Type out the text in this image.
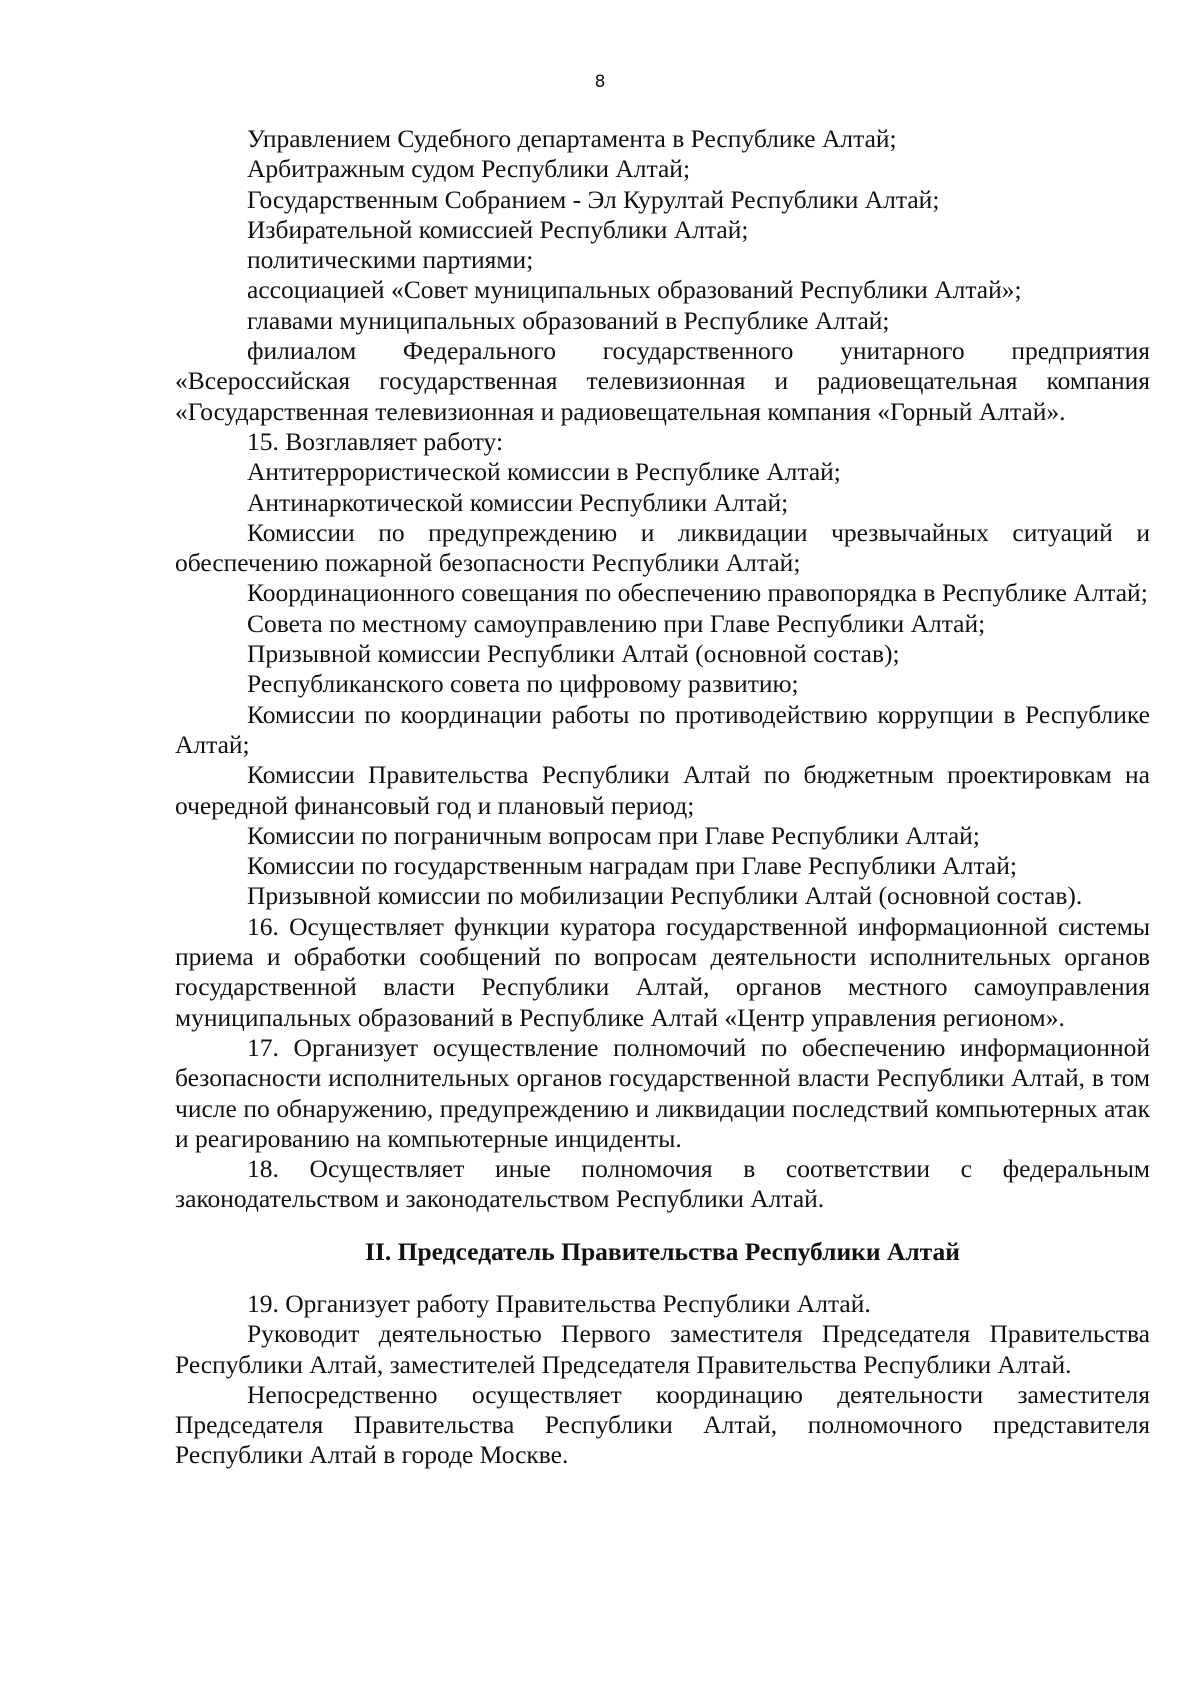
8

Управлением Судебного департамента в Республике Алтай;

Арбитражным судом Республики Алтай;

Государственным Собранием - Эл Курултай Республики Алтай;

Избирательной комиссией Республики Алтай;

политическими партиями;

ассоциацией «Совет муниципальных образований Республики Алтай»;

главами муниципальных образований в Республике Алтай;

филиалом Федерального государственного унитарного предприятия «Всероссийская государственная телевизионная и радиовещательная компания «Государственная телевизионная и радиовещательная компания «Горный Алтай».

15. Возглавляет работу:

Антитеррористической комиссии в Республике Алтай;

Антинаркотической комиссии Республики Алтай;

Комиссии по предупреждению и ликвидации чрезвычайных ситуаций и обеспечению пожарной безопасности Республики Алтай;

Координационного совещания по обеспечению правопорядка в Республике Алтай;

Совета по местному самоуправлению при Главе Республики Алтай;

Призывной комиссии Республики Алтай (основной состав);

Республиканского совета по цифровому развитию;

Комиссии по координации работы по противодействию коррупции в Республике Алтай;

Комиссии Правительства Республики Алтай по бюджетным проектировкам на очередной финансовый год и плановый период;

Комиссии по пограничным вопросам при Главе Республики Алтай;

Комиссии по государственным наградам при Главе Республики Алтай;

Призывной комиссии по мобилизации Республики Алтай (основной состав).

16. Осуществляет функции куратора государственной информационной системы приема и обработки сообщений по вопросам деятельности исполнительных органов государственной власти Республики Алтай, органов местного самоуправления муниципальных образований в Республике Алтай «Центр управления регионом».

17. Организует осуществление полномочий по обеспечению информационной безопасности исполнительных органов государственной власти Республики Алтай, в том числе по обнаружению, предупреждению и ликвидации последствий компьютерных атак и реагированию на компьютерные инциденты.

18. Осуществляет иные полномочия в соответствии с федеральным законодательством и законодательством Республики Алтай.

II. Председатель Правительства Республики Алтай

19. Организует работу Правительства Республики Алтай.

Руководит деятельностью Первого заместителя Председателя Правительства Республики Алтай, заместителей Председателя Правительства Республики Алтай.

Непосредственно осуществляет координацию деятельности заместителя Председателя Правительства Республики Алтай, полномочного представителя Республики Алтай в городе Москве.
